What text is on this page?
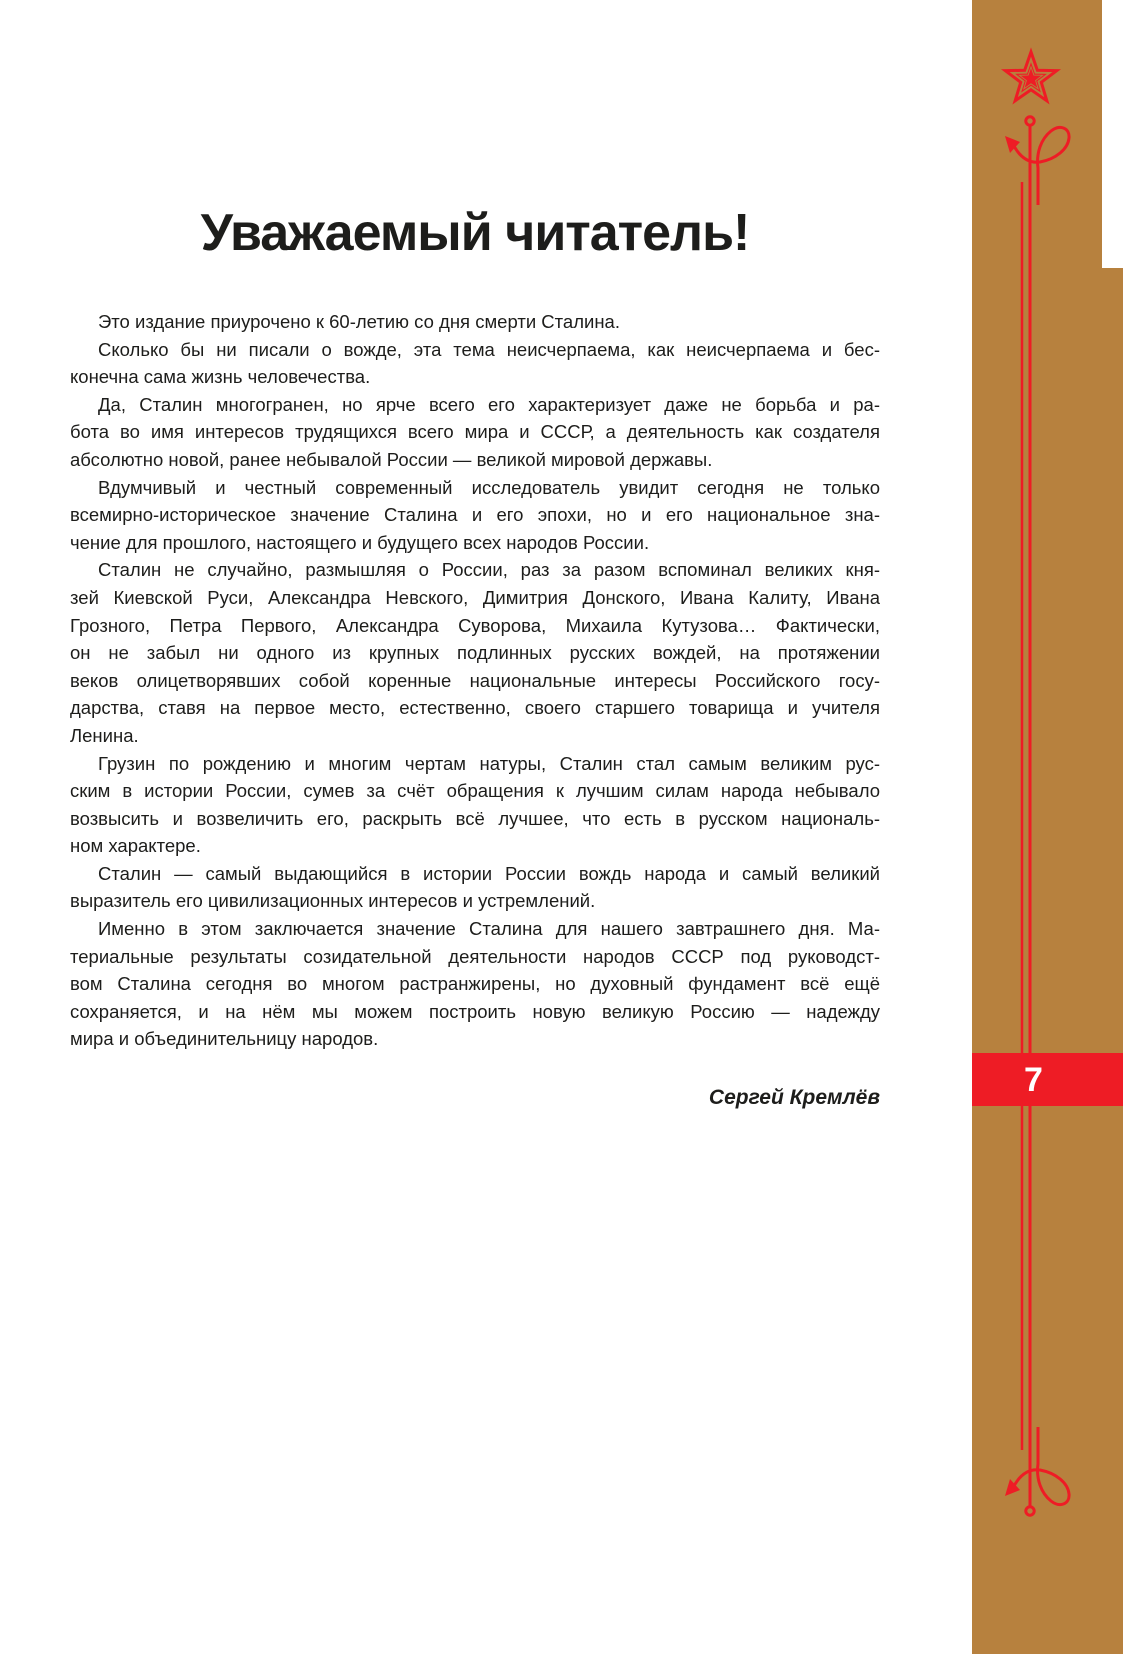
7
Уважаемый читатель!
Это издание приурочено к 60-летию со дня смерти Сталина.
Сколько бы ни писали о вожде, эта тема неисчерпаема, как неисчерпаема и бес-
конечна сама жизнь человечества.
Да, Сталин многогранен, но ярче всего его характеризует даже не борьба и ра-
бота во имя интересов трудящихся всего мира и СССР, а деятельность как создателя
абсолютно новой, ранее небывалой России — великой мировой державы.
Вдумчивый и честный современный исследователь увидит сегодня не только
всемирно-историческое значение Сталина и его эпохи, но и его национальное зна-
чение для прошлого, настоящего и будущего всех народов России.
Сталин не случайно, размышляя о России, раз за разом вспоминал великих кня-
зей Киевской Руси, Александра Невского, Димитрия Донского, Ивана Калиту, Ивана
Грозного, Петра Первого, Александра Суворова, Михаила Кутузова… Фактически,
он не забыл ни одного из крупных подлинных русских вождей, на протяжении
веков олицетворявших собой коренные национальные интересы Российского госу-
дарства, ставя на первое место, естественно, своего старшего товарища и учителя
Ленина.
Грузин по рождению и многим чертам натуры, Сталин стал самым великим рус-
ским в истории России, сумев за счёт обращения к лучшим силам народа небывало
возвысить и возвеличить его, раскрыть всё лучшее, что есть в русском националь-
ном характере.
Сталин — самый выдающийся в истории России вождь народа и самый великий
выразитель его цивилизационных интересов и устремлений.
Именно в этом заключается значение Сталина для нашего завтрашнего дня. Ма-
териальные результаты созидательной деятельности народов СССР под руководст-
вом Сталина сегодня во многом растранжирены, но духовный фундамент всё ещё
сохраняется, и на нём мы можем построить новую великую Россию — надежду
мира и объединительницу народов.
Сергей Кремлёв
